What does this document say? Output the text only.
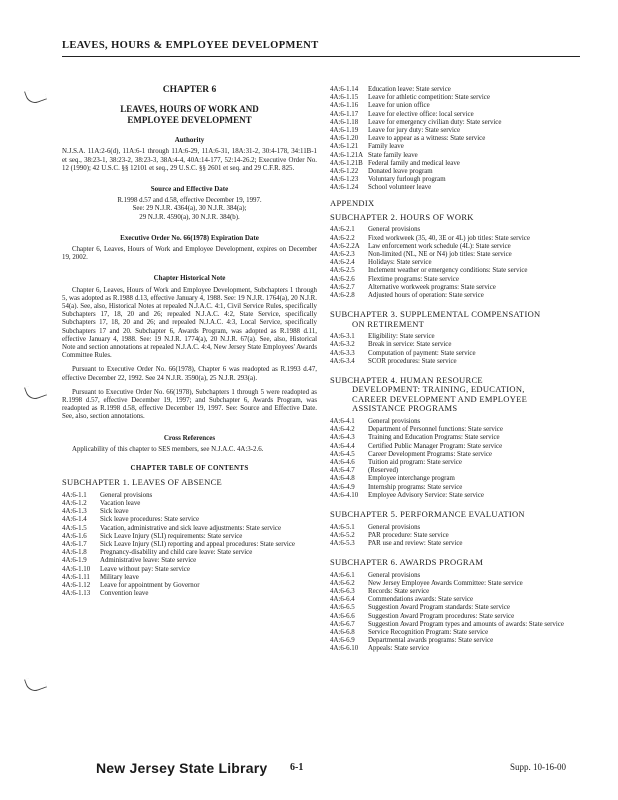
LEAVES, HOURS & EMPLOYEE DEVELOPMENT
CHAPTER 6
LEAVES, HOURS OF WORK AND
EMPLOYEE DEVELOPMENT
Authority
N.J.S.A. 11A:2-6(d), 11A:6-1 through 11A:6-29, 11A:6-31, 18A:31-2, 30:4-178, 34:11B-1 et seq., 38:23-1, 38:23-2, 38:23-3, 38A:4-4, 40A:14-177, 52:14-26.2; Executive Order No. 12 (1990); 42 U.S.C. §§ 12101 et seq., 29 U.S.C. §§ 2601 et seq. and 29 C.F.R. 825.
Source and Effective Date
R.1998 d.57 and d.58, effective December 19, 1997.
See: 29 N.J.R. 4364(a), 30 N.J.R. 384(a);
29 N.J.R. 4590(a), 30 N.J.R. 384(b).
Executive Order No. 66(1978) Expiration Date
Chapter 6, Leaves, Hours of Work and Employee Development, expires on December 19, 2002.
Chapter Historical Note
Chapter 6, Leaves, Hours of Work and Employee Development, Subchapters 1 through 5, was adopted as R.1988 d.13, effective January 4, 1988. See: 19 N.J.R. 1764(a), 20 N.J.R. 54(a). See, also, Historical Notes at repealed N.J.A.C. 4:1, Civil Service Rules, specifically Subchapters 17, 18, 20 and 26; repealed N.J.A.C. 4:2, State Service, specifically Subchapters 17, 18, 20 and 26; and repealed N.J.A.C. 4:3, Local Service, specifically Subchapters 17 and 20. Subchapter 6, Awards Program, was adopted as R.1988 d.11, effective January 4, 1988. See: 19 N.J.R. 1774(a), 20 N.J.R. 67(a). See, also, Historical Note and section annotations at repealed N.J.A.C. 4:4, New Jersey State Employees' Awards Committee Rules.
Pursuant to Executive Order No. 66(1978), Chapter 6 was readopted as R.1993 d.47, effective December 22, 1992. See 24 N.J.R. 3590(a), 25 N.J.R. 293(a).
Pursuant to Executive Order No. 66(1978), Subchapters 1 through 5 were readopted as R.1998 d.57, effective December 19, 1997; and Subchapter 6, Awards Program, was readopted as R.1998 d.58, effective December 19, 1997. See: Source and Effective Date. See, also, section annotations.
Cross References
Applicability of this chapter to SES members, see N.J.A.C. 4A:3-2.6.
CHAPTER TABLE OF CONTENTS
SUBCHAPTER 1. LEAVES OF ABSENCE
4A:6-1.1	General provisions
4A:6-1.2	Vacation leave
4A:6-1.3	Sick leave
4A:6-1.4	Sick leave procedures: State service
4A:6-1.5	Vacation, administrative and sick leave adjustments: State service
4A:6-1.6	Sick Leave Injury (SLI) requirements: State service
4A:6-1.7	Sick Leave Injury (SLI) reporting and appeal procedures: State service
4A:6-1.8	Pregnancy-disability and child care leave: State service
4A:6-1.9	Administrative leave: State service
4A:6-1.10	Leave without pay: State service
4A:6-1.11	Military leave
4A:6-1.12	Leave for appointment by Governor
4A:6-1.13	Convention leave
4A:6-1.14	Education leave: State service
4A:6-1.15	Leave for athletic competition: State service
4A:6-1.16	Leave for union office
4A:6-1.17	Leave for elective office: local service
4A:6-1.18	Leave for emergency civilian duty: State service
4A:6-1.19	Leave for jury duty: State service
4A:6-1.20	Leave to appear as a witness: State service
4A:6-1.21	Family leave
4A:6-1.21A State family leave
4A:6-1.21B Federal family and medical leave
4A:6-1.22	Donated leave program
4A:6-1.23	Voluntary furlough program
4A:6-1.24	School volunteer leave
APPENDIX
SUBCHAPTER 2. HOURS OF WORK
4A:6-2.1	General provisions
4A:6-2.2	Fixed workweek (35, 40, 3E or 4L) job titles: State service
4A:6-2.2A	Law enforcement work schedule (4L): State service
4A:6-2.3	Non-limited (NL, NE or N4) job titles: State service
4A:6-2.4	Holidays: State service
4A:6-2.5	Inclement weather or emergency conditions: State service
4A:6-2.6	Flextime programs: State service
4A:6-2.7	Alternative workweek programs: State service
4A:6-2.8	Adjusted hours of operation: State service
SUBCHAPTER 3. SUPPLEMENTAL COMPENSATION
ON RETIREMENT
4A:6-3.1	Eligibility: State service
4A:6-3.2	Break in service: State service
4A:6-3.3	Computation of payment: State service
4A:6-3.4	SCOR procedures: State service
SUBCHAPTER 4. HUMAN RESOURCE
DEVELOPMENT: TRAINING, EDUCATION,
CAREER DEVELOPMENT AND EMPLOYEE
ASSISTANCE PROGRAMS
4A:6-4.1	General provisions
4A:6-4.2	Department of Personnel functions: State service
4A:6-4.3	Training and Education Programs: State service
4A:6-4.4	Certified Public Manager Program: State service
4A:6-4.5	Career Development Programs: State service
4A:6-4.6	Tuition aid program: State service
4A:6-4.7	(Reserved)
4A:6-4.8	Employee interchange program
4A:6-4.9	Internship programs: State service
4A:6-4.10	Employee Advisory Service: State service
SUBCHAPTER 5. PERFORMANCE EVALUATION
4A:6-5.1	General provisions
4A:6-5.2	PAR procedure: State service
4A:6-5.3	PAR use and review: State service
SUBCHAPTER 6. AWARDS PROGRAM
4A:6-6.1	General provisions
4A:6-6.2	New Jersey Employee Awards Committee: State service
4A:6-6.3	Records: State service
4A:6-6.4	Commendations awards: State service
4A:6-6.5	Suggestion Award Program standards: State service
4A:6-6.6	Suggestion Award Program procedures: State service
4A:6-6.7	Suggestion Award Program types and amounts of awards: State service
4A:6-6.8	Service Recognition Program: State service
4A:6-6.9	Departmental awards programs: State service
4A:6-6.10	Appeals: State service
New Jersey State Library 6-1	Supp. 10-16-00
